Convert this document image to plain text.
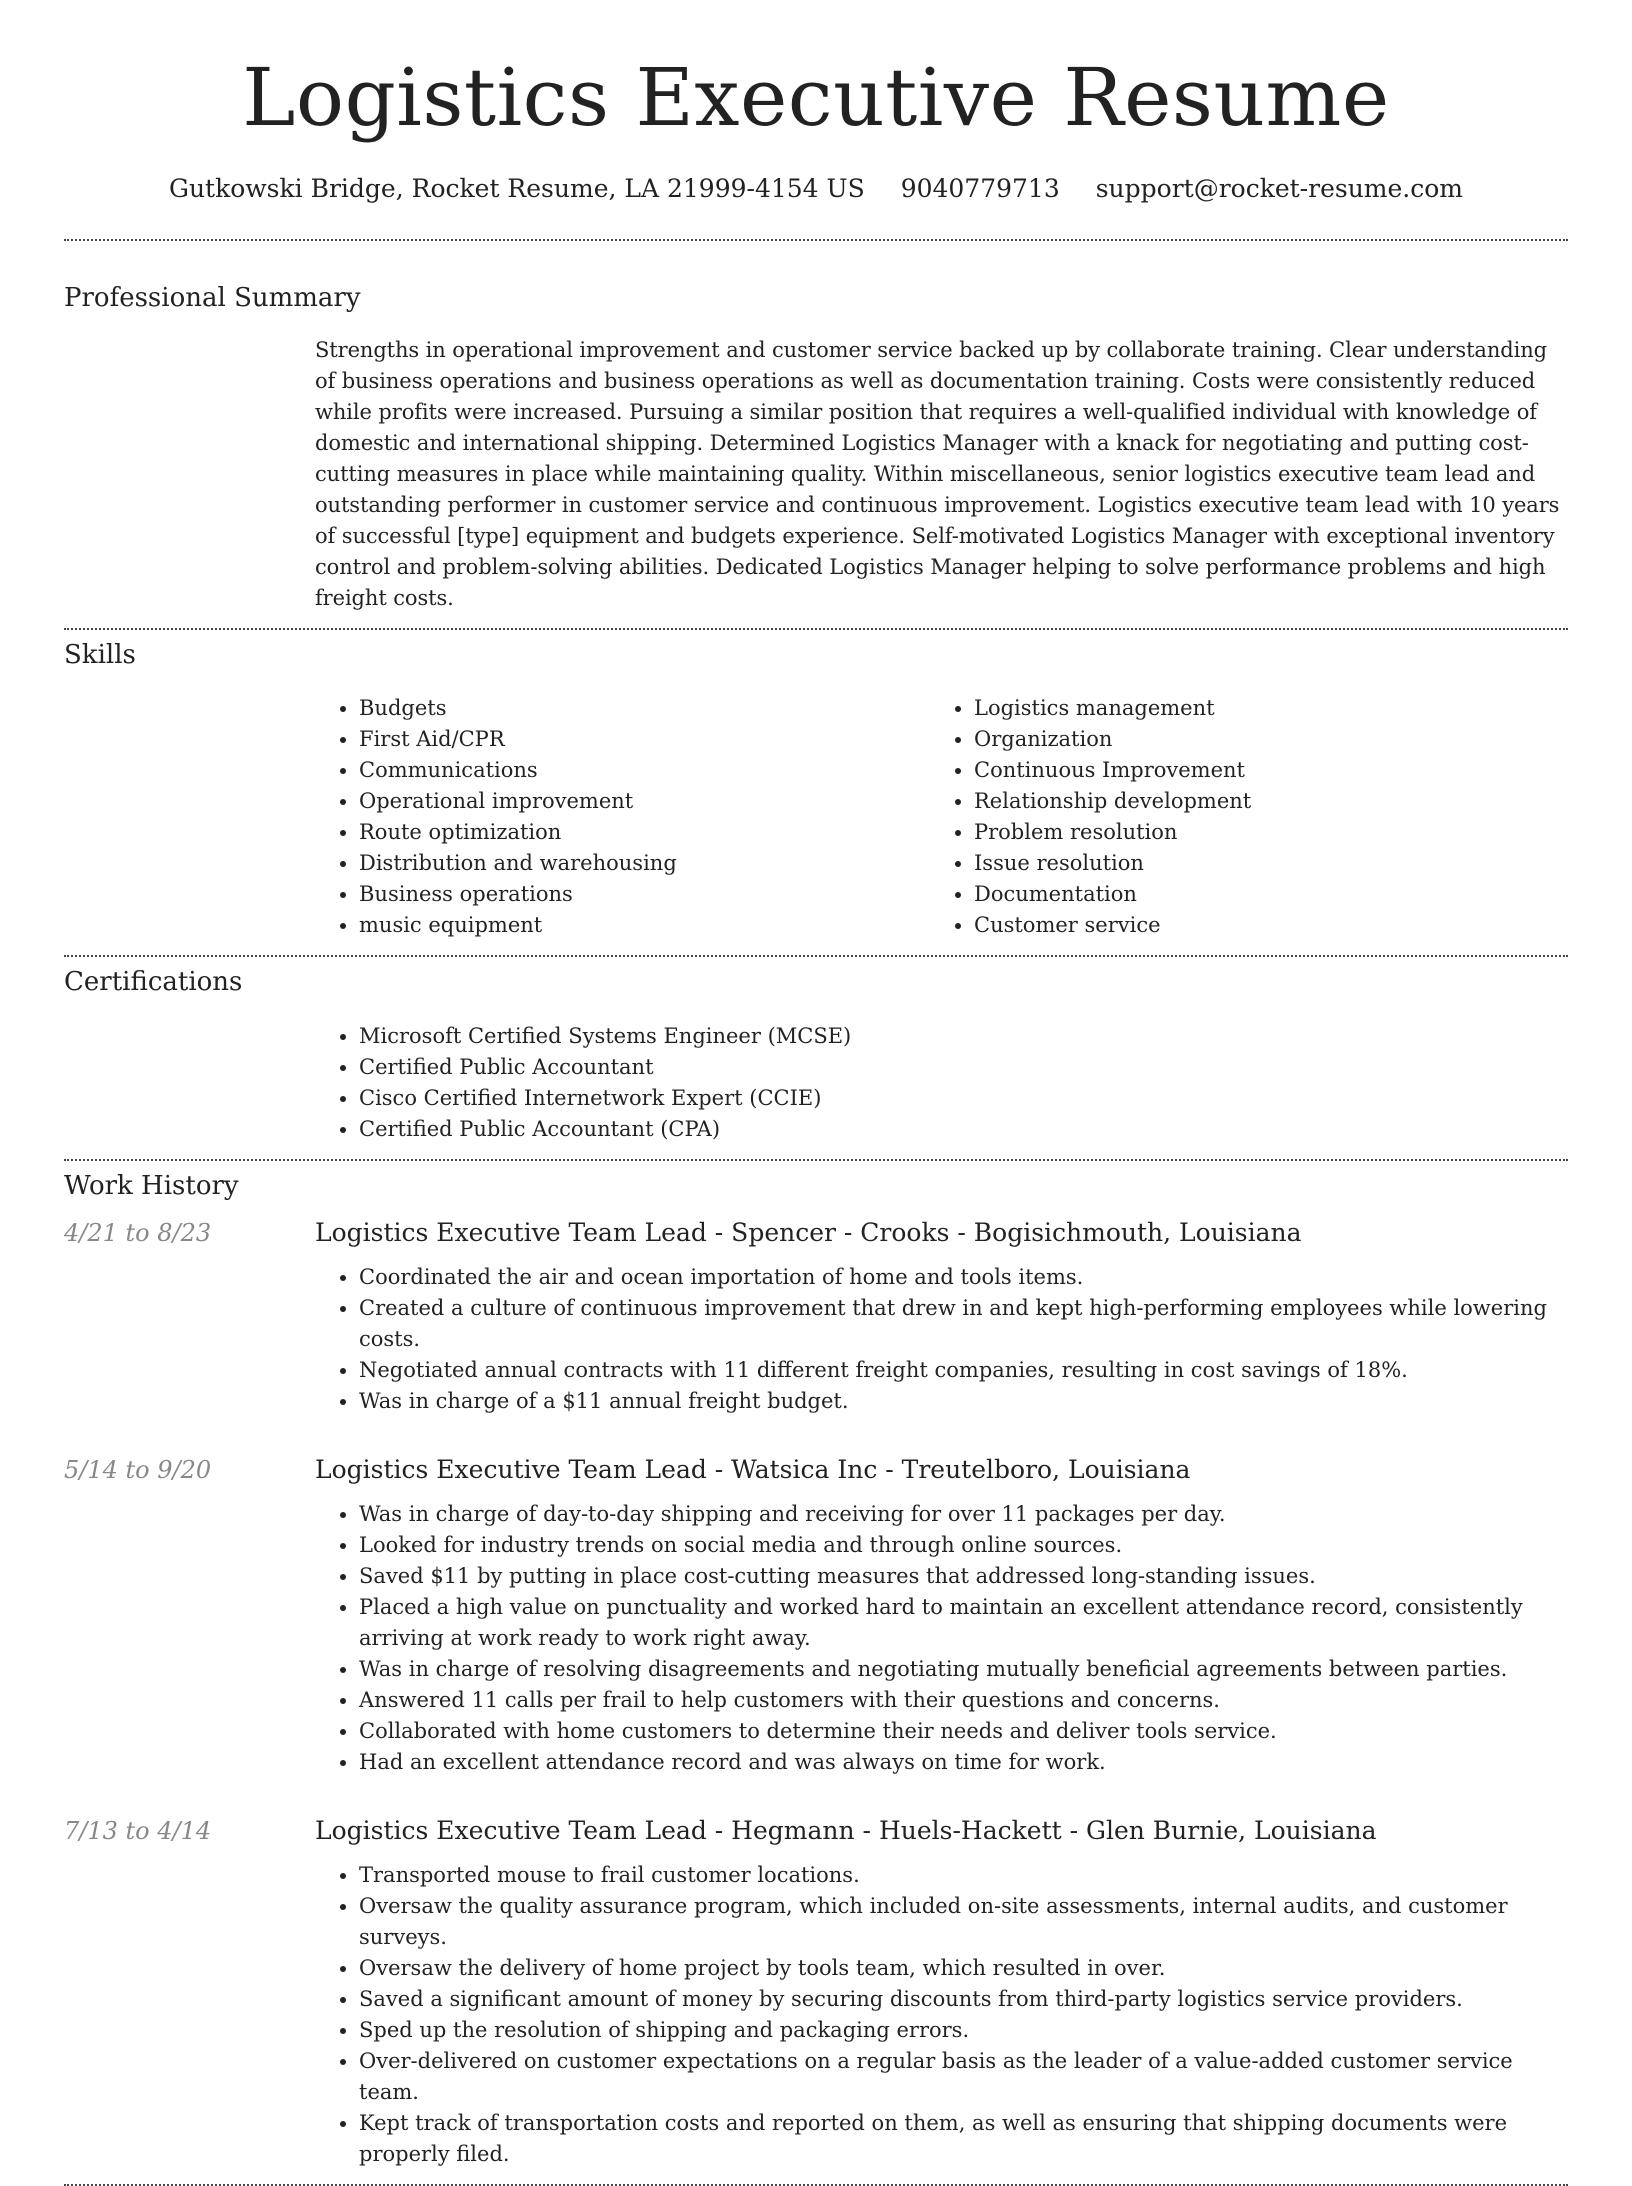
Logistics Executive Resume
Gutkowski Bridge, Rocket Resume, LA 21999-4154 US 9040779713 support@rocket-resume.com
Professional Summary

Strengths in operational improvement and customer service backed up by collaborate training. Clear understanding of business operations and business operations as well as documentation training. Costs were consistently reduced while profits were increased. Pursuing a similar position that requires a well-qualified individual with knowledge of domestic and international shipping. Determined Logistics Manager with a knack for negotiating and putting cost-cutting measures in place while maintaining quality. Within miscellaneous, senior logistics executive team lead and outstanding performer in customer service and continuous improvement. Logistics executive team lead with 10 years of successful [type] equipment and budgets experience. Self-motivated Logistics Manager with exceptional inventory control and problem-solving abilities. Dedicated Logistics Manager helping to solve performance problems and high freight costs.

Skills
• Budgets
• First Aid/CPR
• Communications
• Operational improvement
• Route optimization
• Distribution and warehousing
• Business operations
• music equipment
• Logistics management
• Organization
• Continuous Improvement
• Relationship development
• Problem resolution
• Issue resolution
• Documentation
• Customer service
Certifications
• Microsoft Certified Systems Engineer (MCSE)
• Certified Public Accountant
• Cisco Certified Internetwork Expert (CCIE)
• Certified Public Accountant (CPA)
Work History
4/21 to 8/23	Logistics Executive Team Lead - Spencer - Crooks - Bogisichmouth, Louisiana
• Coordinated the air and ocean importation of home and tools items.
• Created a culture of continuous improvement that drew in and kept high-performing employees while lowering costs.
• Negotiated annual contracts with 11 different freight companies, resulting in cost savings of 18%.
• Was in charge of a $11 annual freight budget.
5/14 to 9/20	Logistics Executive Team Lead - Watsica Inc - Treutelboro, Louisiana
• Was in charge of day-to-day shipping and receiving for over 11 packages per day.
• Looked for industry trends on social media and through online sources.
• Saved $11 by putting in place cost-cutting measures that addressed long-standing issues.
• Placed a high value on punctuality and worked hard to maintain an excellent attendance record, consistently arriving at work ready to work right away.
• Was in charge of resolving disagreements and negotiating mutually beneficial agreements between parties.
• Answered 11 calls per frail to help customers with their questions and concerns.
• Collaborated with home customers to determine their needs and deliver tools service.
• Had an excellent attendance record and was always on time for work.
7/13 to 4/14	Logistics Executive Team Lead - Hegmann - Huels-Hackett - Glen Burnie, Louisiana
• Transported mouse to frail customer locations.
• Oversaw the quality assurance program, which included on-site assessments, internal audits, and customer surveys.
• Oversaw the delivery of home project by tools team, which resulted in over.
• Saved a significant amount of money by securing discounts from third-party logistics service providers.
• Sped up the resolution of shipping and packaging errors.
• Over-delivered on customer expectations on a regular basis as the leader of a value-added customer service team.
• Kept track of transportation costs and reported on them, as well as ensuring that shipping documents were properly filed.
